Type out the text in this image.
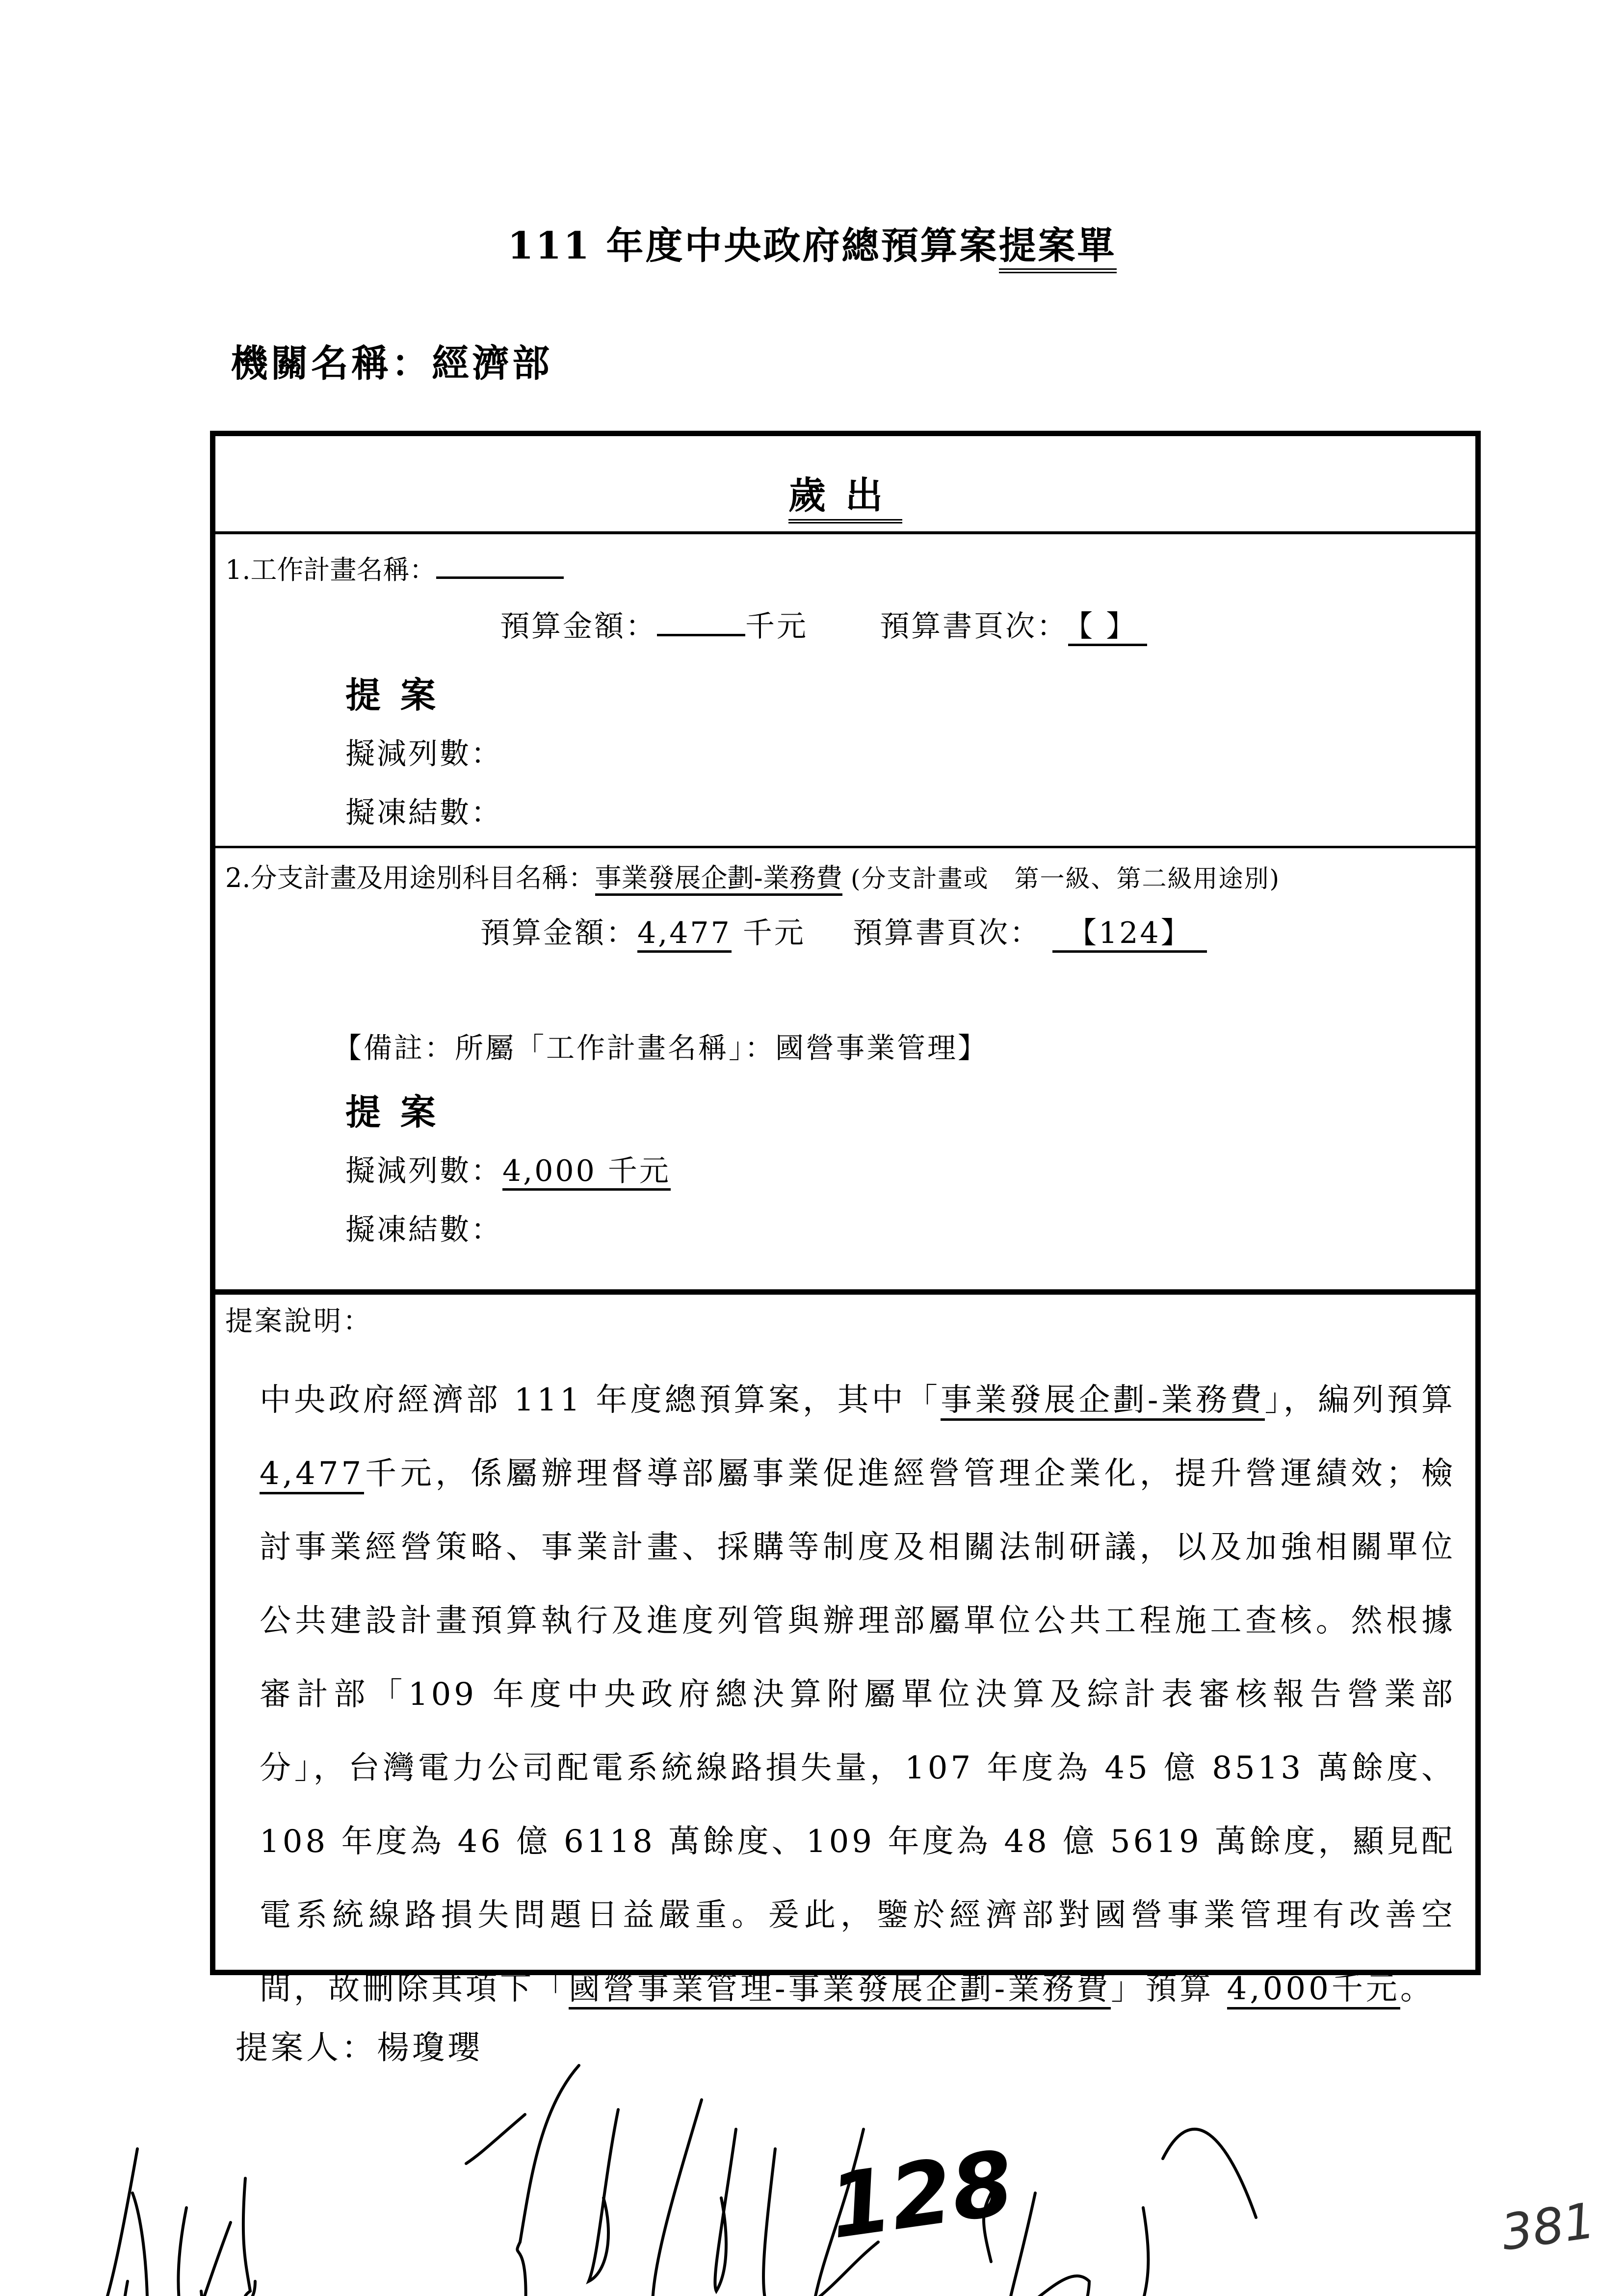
111 年度中央政府總預算案提案單
機關名稱：經濟部
歲出
1.工作計畫名稱：
預算金額：	千元 預算書頁次： 【 】
提案
擬減列數：
擬凍結數：
2.分支計畫及用途別科目名稱：事業發展企劃-業務費 (分支計畫或　第一級、第二級用途別)
預算金額：4,477 千元 預算書頁次： 【124】
【備註：所屬「工作計畫名稱」：國營事業管理】
提案
擬減列數：4,000 千元
擬凍結數：
提案說明：
中央政府經濟部 111 年度總預算案，其中「事業發展企劃-業務費」，編列預算4,477千元，係屬辦理督導部屬事業促進經營管理企業化，提升營運績效；檢討事業經營策略、事業計畫、採購等制度及相關法制研議，以及加強相關單位公共建設計畫預算執行及進度列管與辦理部屬單位公共工程施工查核。然根據審計部「109 年度中央政府總決算附屬單位決算及綜計表審核報告營業部分」，台灣電力公司配電系統線路損失量，107 年度為 45 億 8513 萬餘度、108 年度為 46 億 6118 萬餘度、109 年度為 48 億 5619 萬餘度，顯見配電系統線路損失問題日益嚴重。爰此，鑒於經濟部對國營事業管理有改善空間，故刪除其項下「國營事業管理-事業發展企劃-業務費」預算 4,000千元。
提案人：楊瓊瓔
128	381
